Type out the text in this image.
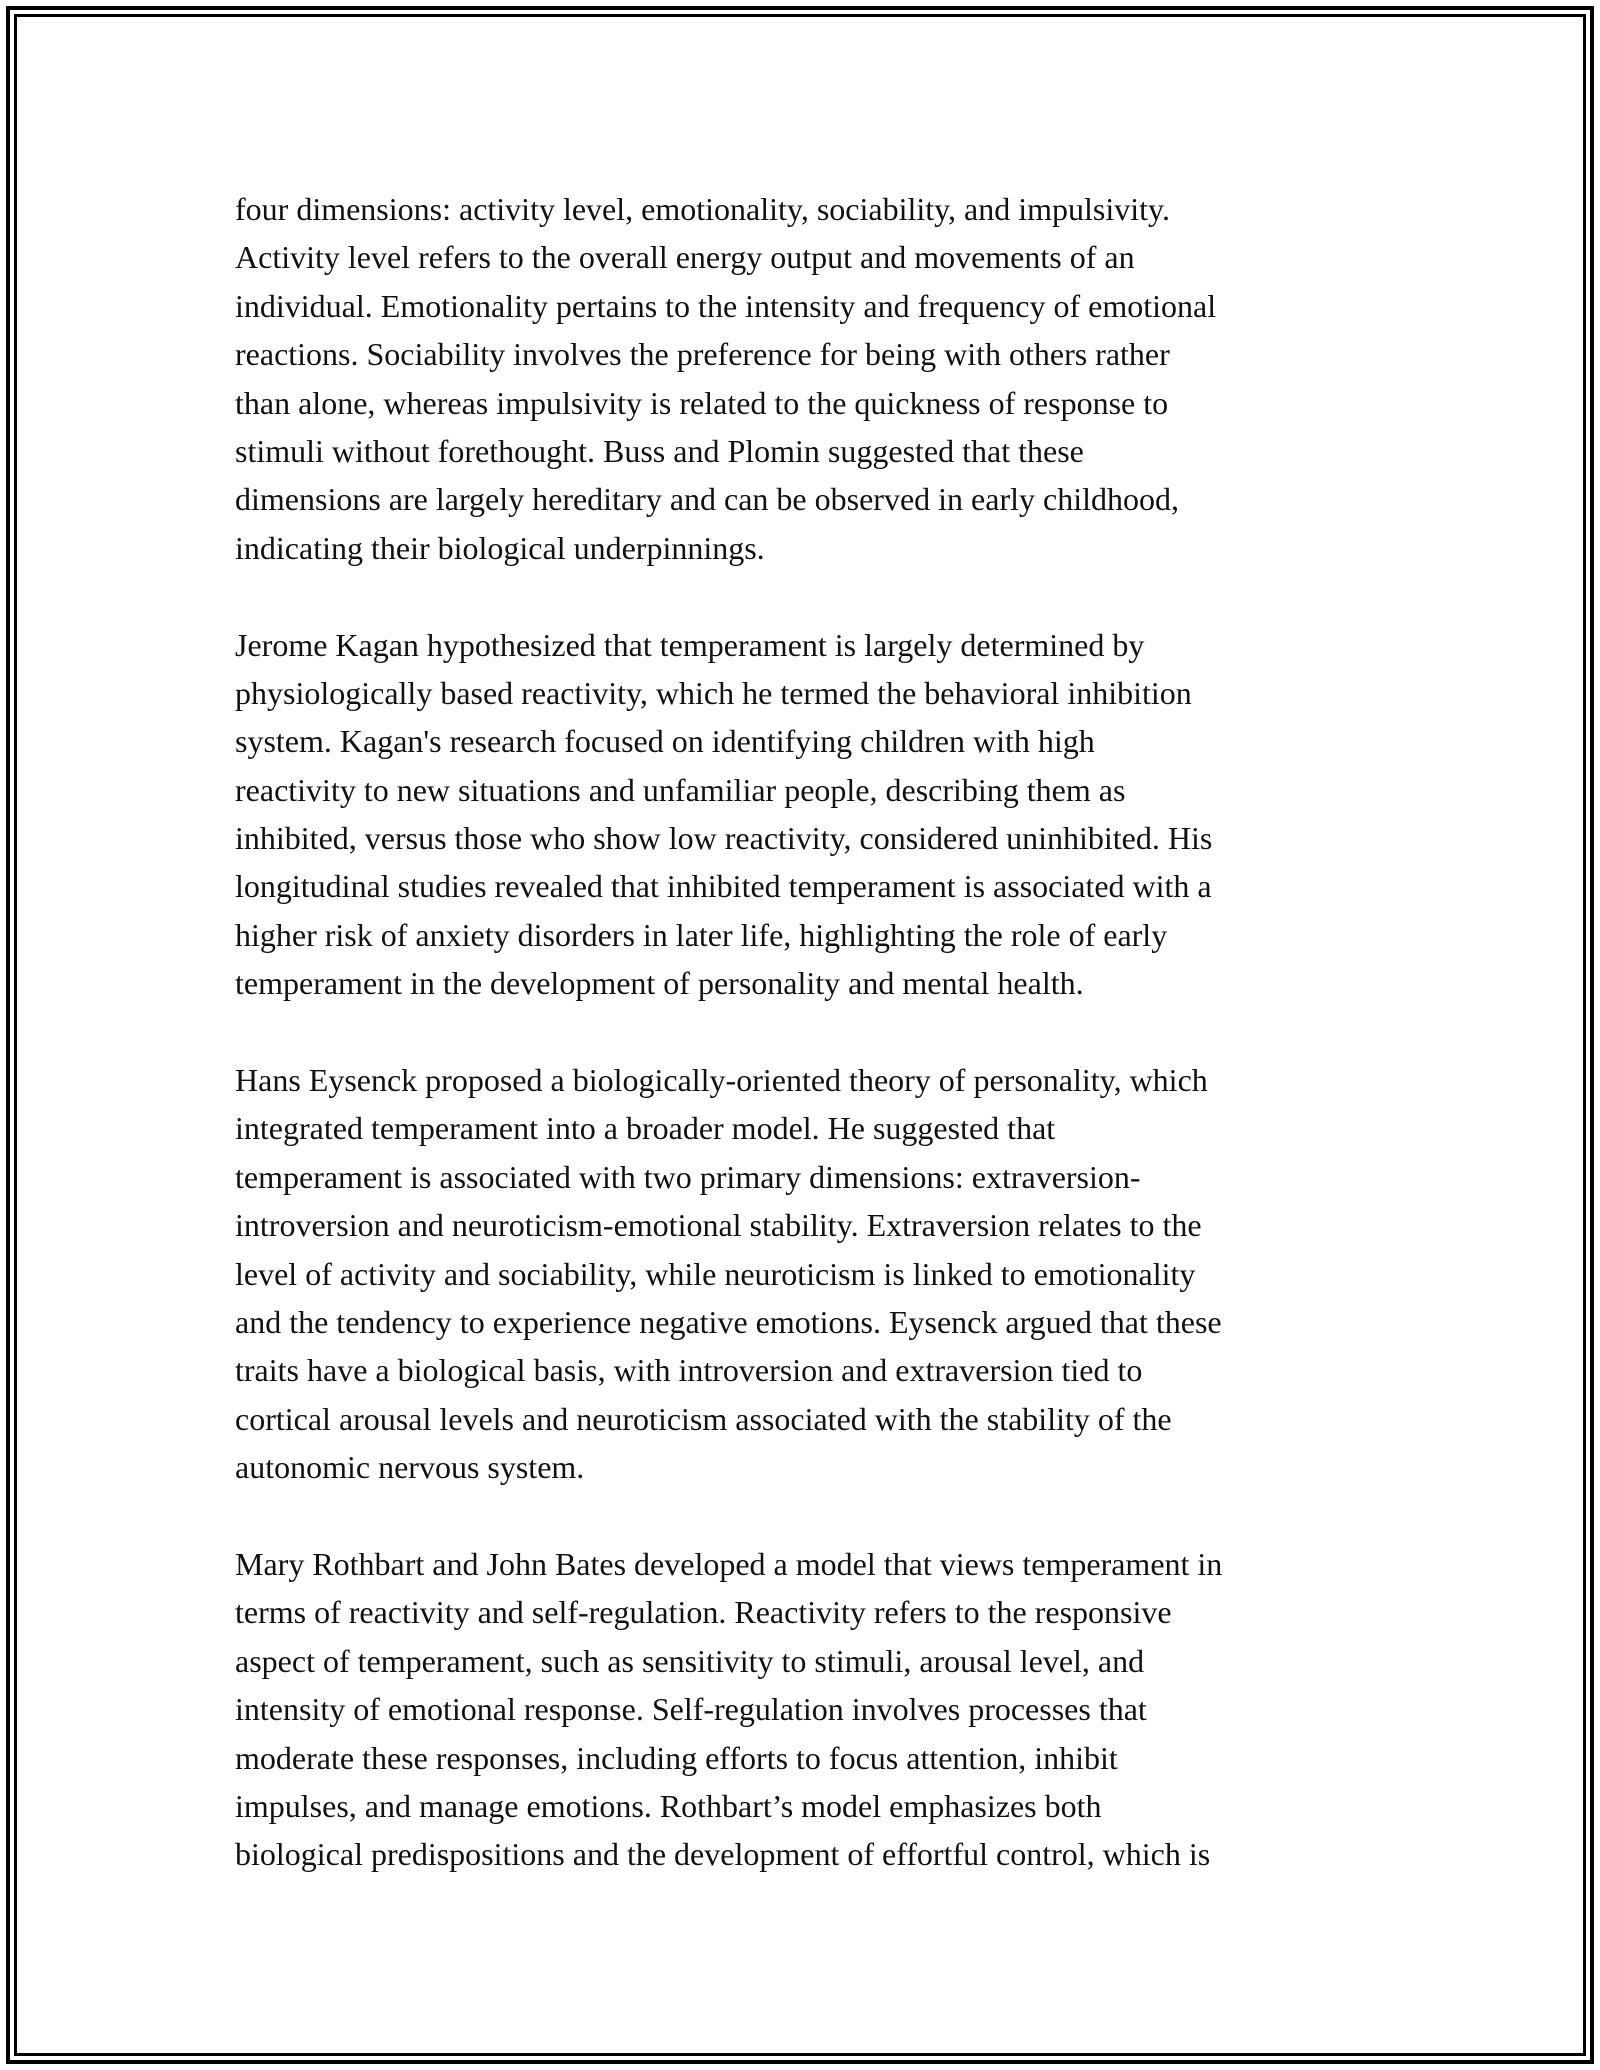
four dimensions: activity level, emotionality, sociability, and impulsivity.
Activity level refers to the overall energy output and movements of an
individual. Emotionality pertains to the intensity and frequency of emotional
reactions. Sociability involves the preference for being with others rather
than alone, whereas impulsivity is related to the quickness of response to
stimuli without forethought. Buss and Plomin suggested that these
dimensions are largely hereditary and can be observed in early childhood,
indicating their biological underpinnings.
Jerome Kagan hypothesized that temperament is largely determined by
physiologically based reactivity, which he termed the behavioral inhibition
system. Kagan's research focused on identifying children with high
reactivity to new situations and unfamiliar people, describing them as
inhibited, versus those who show low reactivity, considered uninhibited. His
longitudinal studies revealed that inhibited temperament is associated with a
higher risk of anxiety disorders in later life, highlighting the role of early
temperament in the development of personality and mental health.
Hans Eysenck proposed a biologically-oriented theory of personality, which
integrated temperament into a broader model. He suggested that
temperament is associated with two primary dimensions: extraversion-
introversion and neuroticism-emotional stability. Extraversion relates to the
level of activity and sociability, while neuroticism is linked to emotionality
and the tendency to experience negative emotions. Eysenck argued that these
traits have a biological basis, with introversion and extraversion tied to
cortical arousal levels and neuroticism associated with the stability of the
autonomic nervous system.
Mary Rothbart and John Bates developed a model that views temperament in
terms of reactivity and self-regulation. Reactivity refers to the responsive
aspect of temperament, such as sensitivity to stimuli, arousal level, and
intensity of emotional response. Self-regulation involves processes that
moderate these responses, including efforts to focus attention, inhibit
impulses, and manage emotions. Rothbart’s model emphasizes both
biological predispositions and the development of effortful control, which is
